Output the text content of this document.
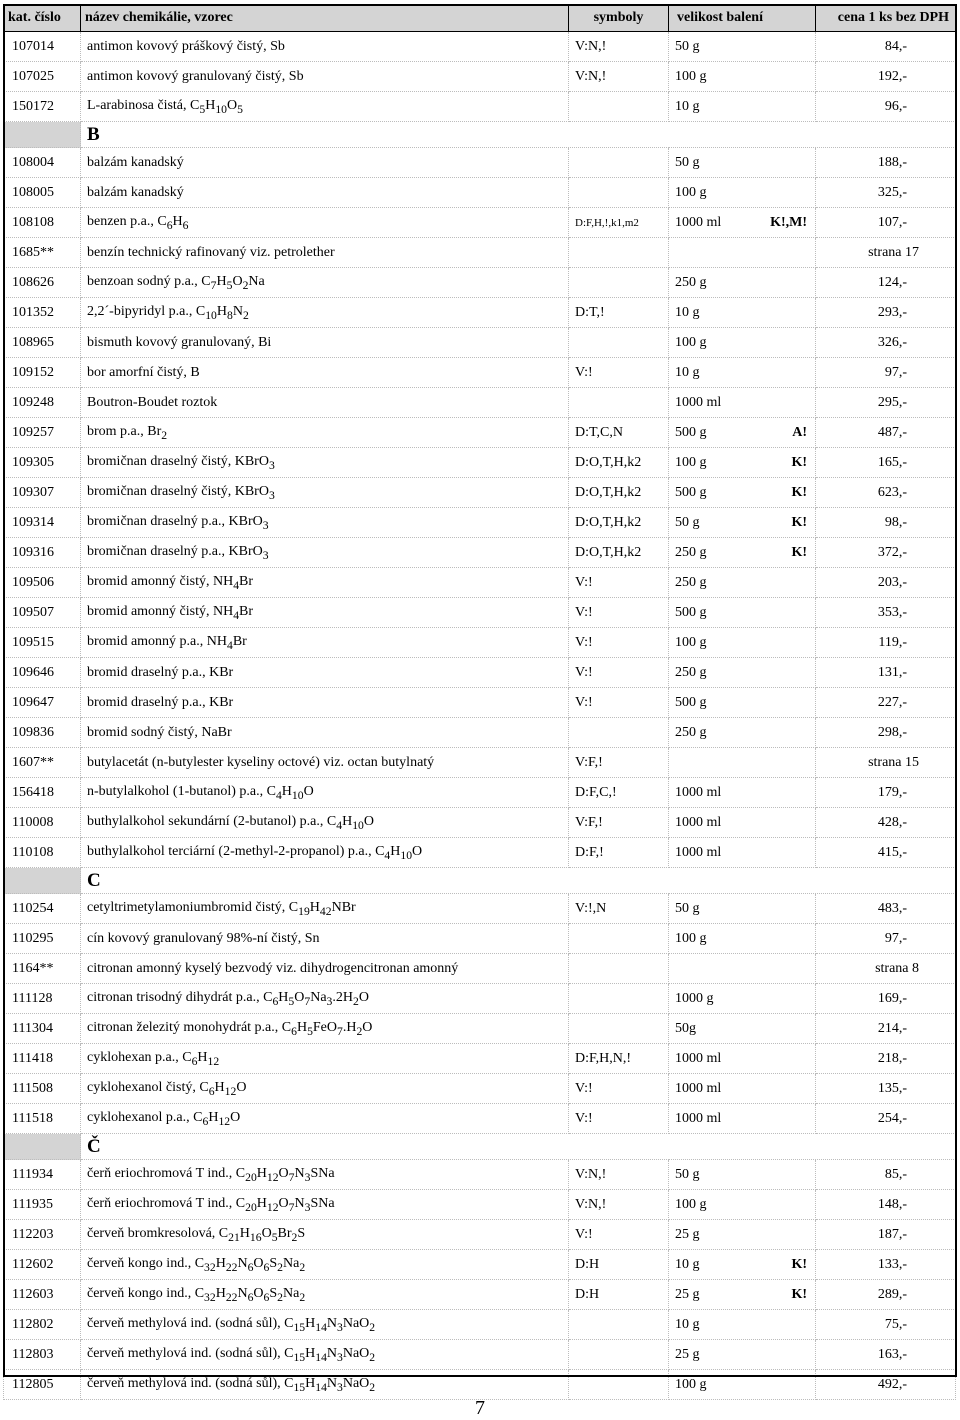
kat. číslo	název chemikálie, vzorec	symboly	velikost balení	cena 1 ks bez DPH
107014	antimon kovový práškový čistý, Sb	V:N,!	50 g	84,-
107025	antimon kovový granulovaný čistý, Sb	V:N,!	100 g	192,-
150172	L-arabinosa čistá, $C_5H_{10}O_5$		10 g	96,-
	B			
108004	balzám kanadský		50 g	188,-
108005	balzám kanadský		100 g	325,-
108108	benzen p.a., $C_6H_6$	D:F,H,!,k1,m2	1000 ml K!,M!	107,-
1685**	benzín technický rafinovaný viz. petrolether			strana 17
108626	benzoan sodný p.a., $C_7H_5O_2Na$		250 g	124,-
101352	2,2´-bipyridyl p.a., $C_{10}H_8N_2$	D:T,!	10 g	293,-
108965	bismuth kovový granulovaný, Bi		100 g	326,-
109152	bor amorfní čistý, B	V:!	10 g	97,-
109248	Boutron-Boudet roztok		1000 ml	295,-
109257	brom p.a., $Br_2$	D:T,C,N	500 g A!	487,-
109305	bromičnan draselný čistý, KBrO$_3$	D:O,T,H,k2	100 g K!	165,-
109307	bromičnan draselný čistý, KBrO$_3$	D:O,T,H,k2	500 g K!	623,-
109314	bromičnan draselný p.a., KBrO$_3$	D:O,T,H,k2	50 g K!	98,-
109316	bromičnan draselný p.a., KBrO$_3$	D:O,T,H,k2	250 g K!	372,-
109506	bromid amonný čistý, $NH_4Br$	V:!	250 g	203,-
109507	bromid amonný čistý, $NH_4Br$	V:!	500 g	353,-
109515	bromid amonný p.a., $NH_4Br$	V:!	100 g	119,-
109646	bromid draselný p.a., KBr	V:!	250 g	131,-
109647	bromid draselný p.a., KBr	V:!	500 g	227,-
109836	bromid sodný čistý, NaBr		250 g	298,-
1607**	butylacetát (n-butylester kyseliny octové) viz. octan butylnatý	V:F,!		strana 15
156418	n-butylalkohol (1-butanol) p.a., $C_4H_{10}O$	D:F,C,!	1000 ml	179,-
110008	buthylalkohol sekundární (2-butanol) p.a., $C_4H_{10}O$	V:F,!	1000 ml	428,-
110108	buthylalkohol terciární (2-methyl-2-propanol) p.a., $C_4H_{10}O$	D:F,!	1000 ml	415,-
	C			
110254	cetyltrimetylamoniumbromid čistý, $C_{19}H_{42}NBr$	V:!,N	50 g	483,-
110295	cín kovový granulovaný 98%-ní čistý, Sn		100 g	97,-
1164**	citronan amonný kyselý bezvodý viz. dihydrogencitronan amonný			strana 8
111128	citronan trisodný dihydrát p.a., $C_6H_5O_7Na_3.2H_2O$		1000 g	169,-
111304	citronan železitý monohydrát p.a., $C_6H_5FeO_7.H_2O$		50g	214,-
111418	cyklohexan p.a., $C_6H_{12}$	D:F,H,N,!	1000 ml	218,-
111508	cyklohexanol čistý, $C_6H_{12}O$	V:!	1000 ml	135,-
111518	cyklohexanol p.a., $C_6H_{12}O$	V:!	1000 ml	254,-
	Č			
111934	čerň eriochromová T ind., $C_{20}H_{12}O_7N_3SNa$	V:N,!	50 g	85,-
111935	čerň eriochromová T ind., $C_{20}H_{12}O_7N_3SNa$	V:N,!	100 g	148,-
112203	červeň bromkresolová, $C_{21}H_{16}O_5Br_2S$	V:!	25 g	187,-
112602	červeň kongo ind., $C_{32}H_{22}N_6O_6S_2Na_2$	D:H	10 g K!	133,-
112603	červeň kongo ind., $C_{32}H_{22}N_6O_6S_2Na_2$	D:H	25 g K!	289,-
112802	červeň methylová ind. (sodná sůl), $C_{15}H_{14}N_3NaO_2$		10 g	75,-
112803	červeň methylová ind. (sodná sůl), $C_{15}H_{14}N_3NaO_2$		25 g	163,-
112805	červeň methylová ind. (sodná sůl), $C_{15}H_{14}N_3NaO_2$		100 g	492,-
7
